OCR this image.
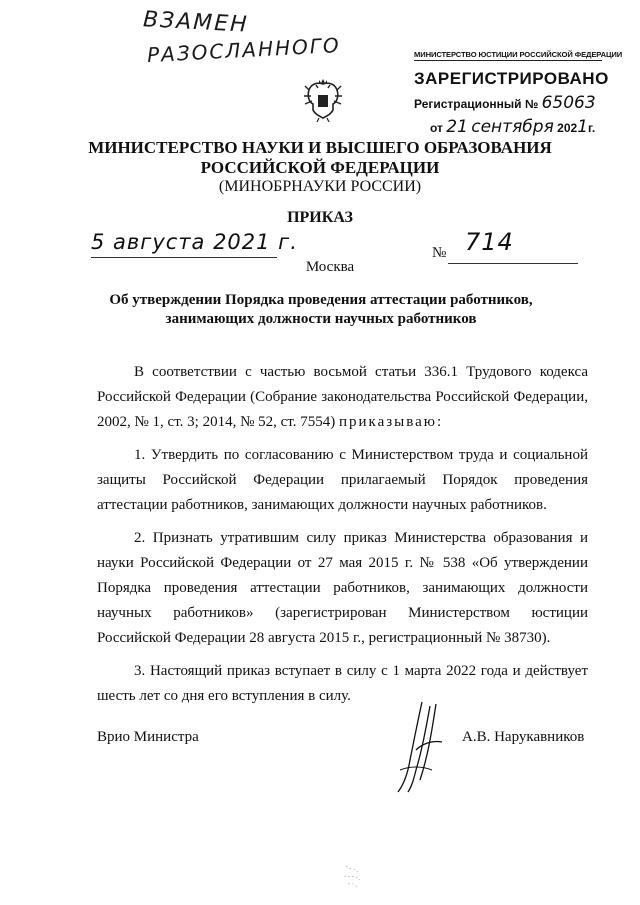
ВЗАМЕН
РАЗОСЛАННОГО	МИНИСТЕРСТВО ЮСТИЦИИ РОССИЙСКОЙ ФЕДЕРАЦИИ
ЗАРЕГИСТРИРОВАНО
Регистрационный № 65063
от 21 сентября 2021г.
МИНИСТЕРСТВО НАУКИ И ВЫСШЕГО ОБРАЗОВАНИЯ
РОССИЙСКОЙ ФЕДЕРАЦИИ
(МИНОБРНАУКИ РОССИИ)
ПРИКАЗ
5 августа 2021 г.	№ 714
Москва
Об утверждении Порядка проведения аттестации работников,
занимающих должности научных работников

В соответствии с частью восьмой статьи 336.1 Трудового кодекса Российской Федерации (Собрание законодательства Российской Федерации, 2002, № 1, ст. 3; 2014, № 52, ст. 7554) приказываю:

1. Утвердить по согласованию с Министерством труда и социальной защиты Российской Федерации прилагаемый Порядок проведения аттестации работников, занимающих должности научных работников.

2. Признать утратившим силу приказ Министерства образования и науки Российской Федерации от 27 мая 2015 г. № 538 «Об утверждении Порядка проведения аттестации работников, занимающих должности научных работников» (зарегистрирован Министерством юстиции Российской Федерации 28 августа 2015 г., регистрационный № 38730).

3. Настоящий приказ вступает в силу с 1 марта 2022 года и действует шесть лет со дня его вступления в силу.

Врио Министра	А.В. Нарукавников
